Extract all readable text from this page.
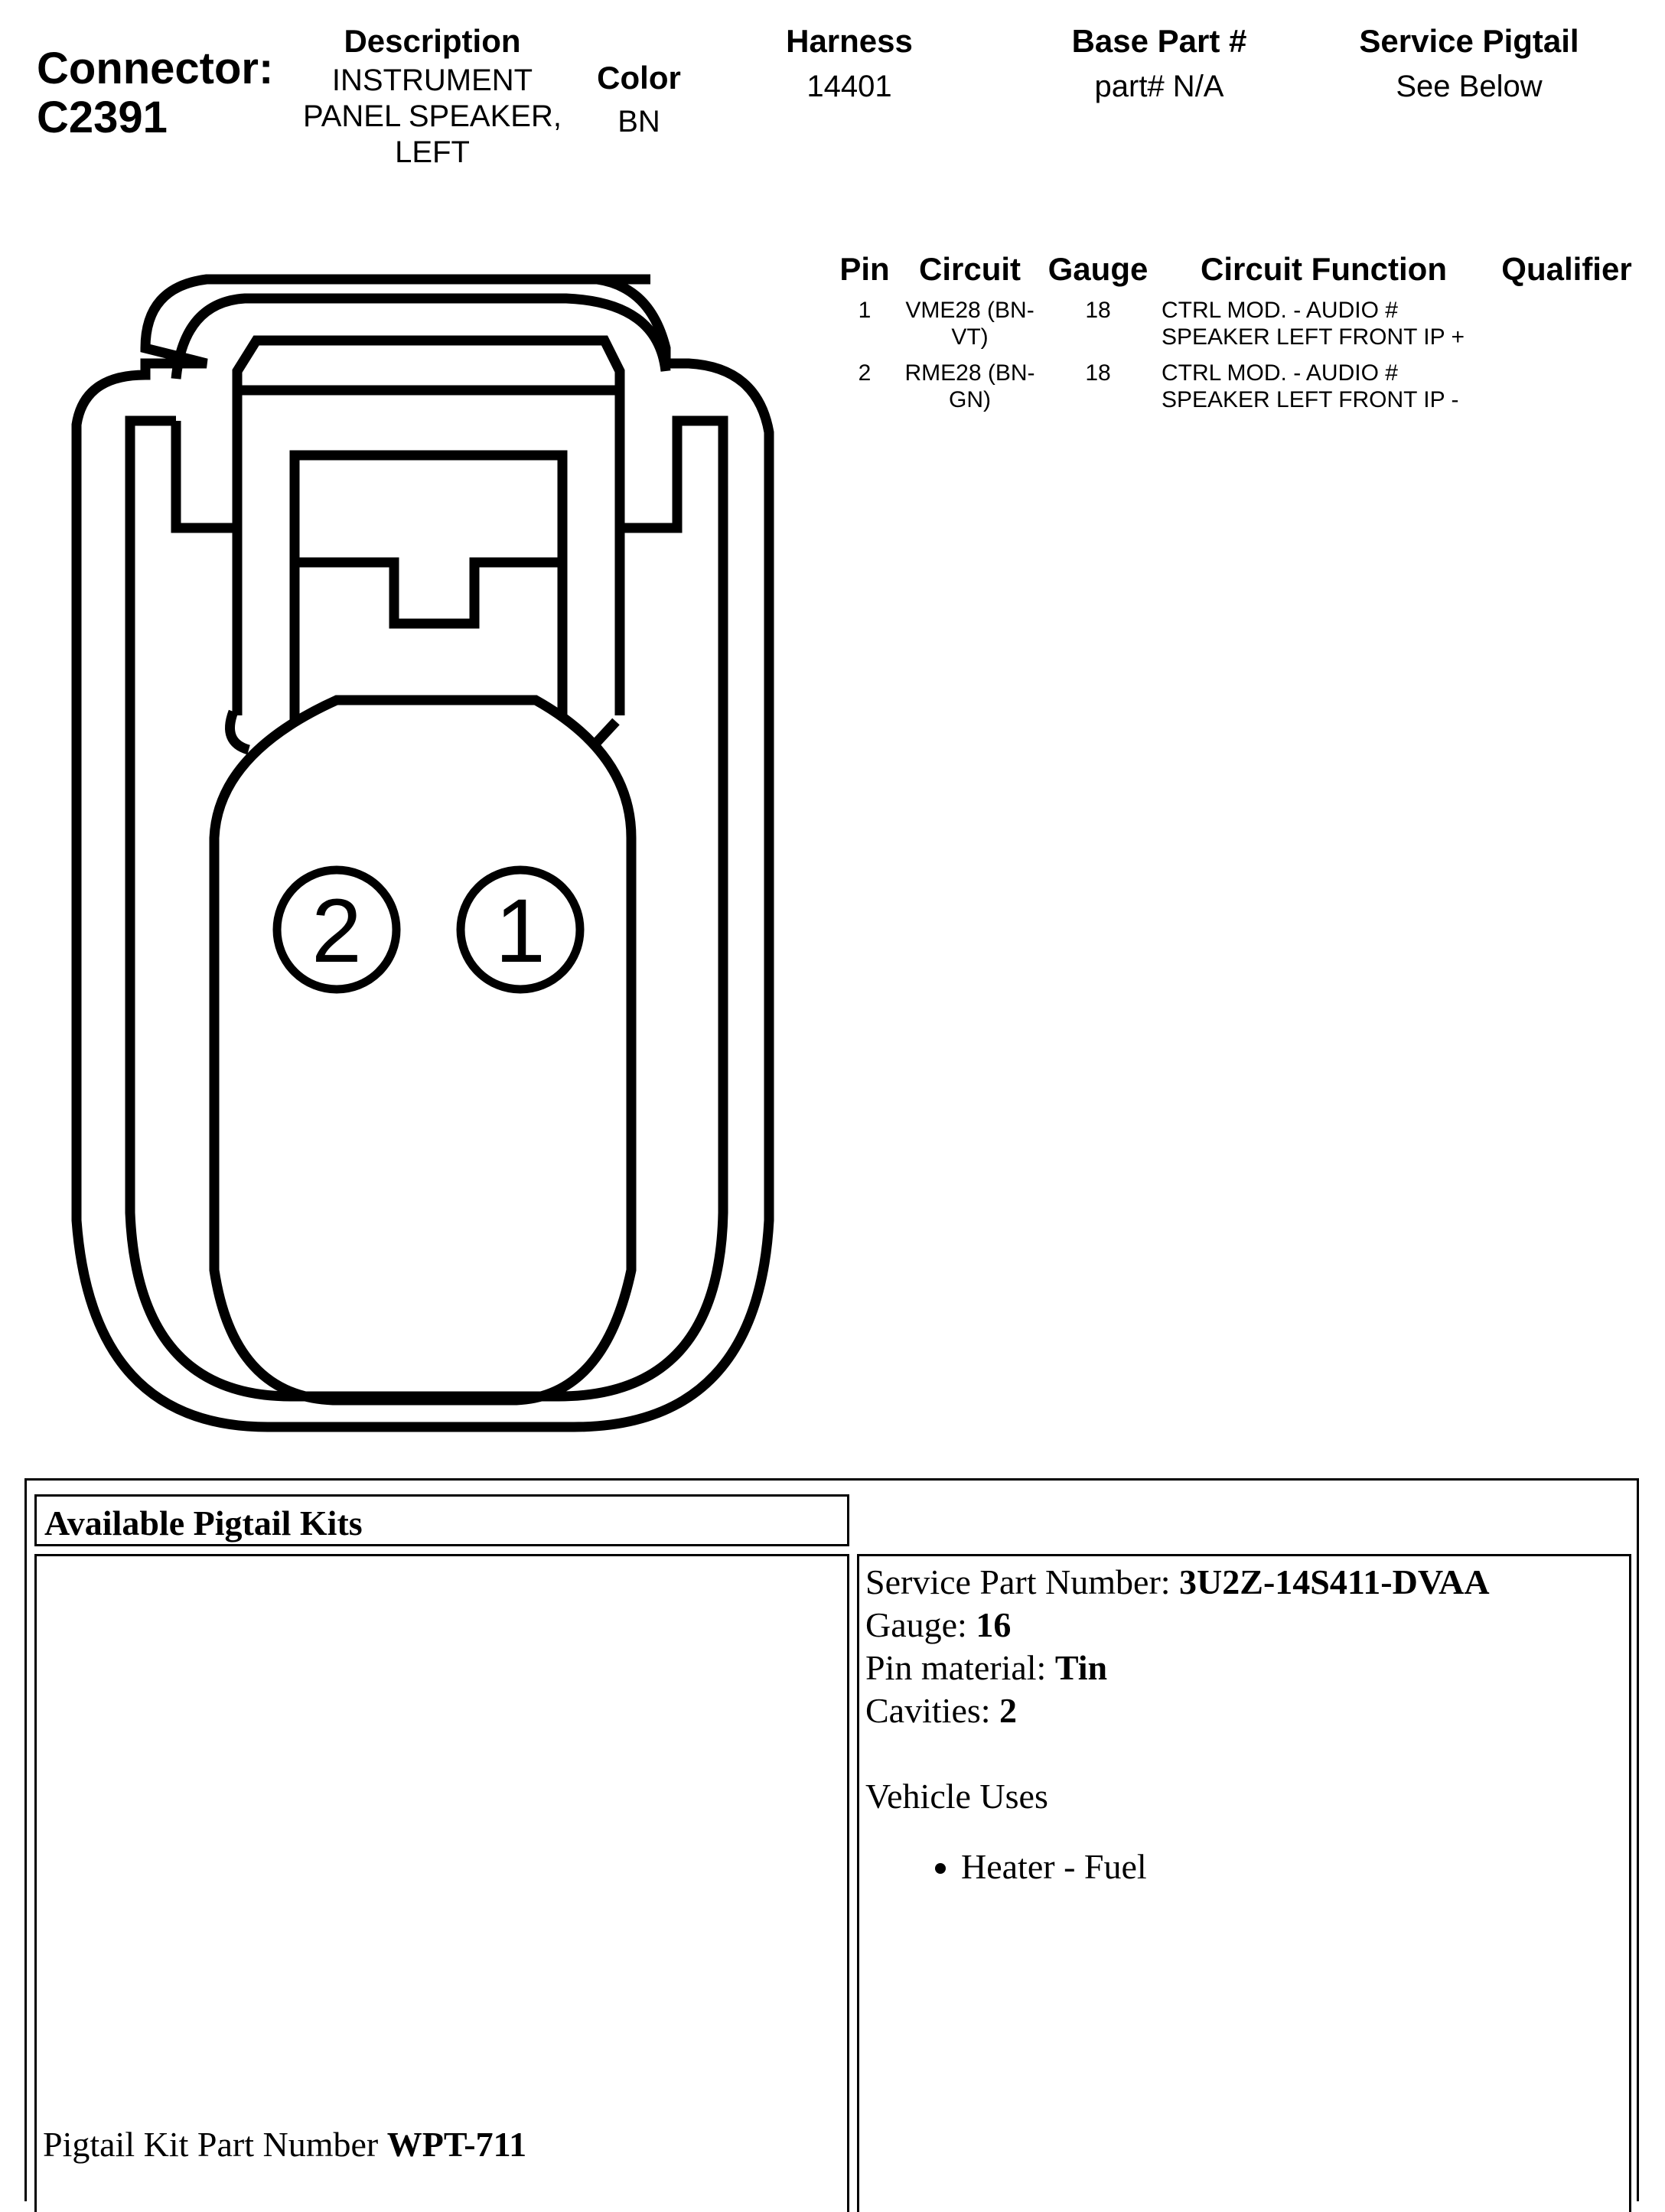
Connector:
C2391
Description
INSTRUMENT PANEL SPEAKER, LEFT
Color
BN
Harness
14401
Base Part #
part# N/A
Service Pigtail
See Below
Pin	Circuit	Gauge	Circuit Function	Qualifier
1	VME28 (BN-VT)	18	CTRL MOD. - AUDIO # SPEAKER LEFT FRONT IP +	
2	RME28 (BN-GN)	18	CTRL MOD. - AUDIO # SPEAKER LEFT FRONT IP -	
2 1
Available Pigtail Kits
Pigtail Kit Part Number WPT-711
Service Part Number: 3U2Z-14S411-DVAA
Gauge: 16
Pin material: Tin
Cavities: 2
Vehicle Uses
• Heater - Fuel
